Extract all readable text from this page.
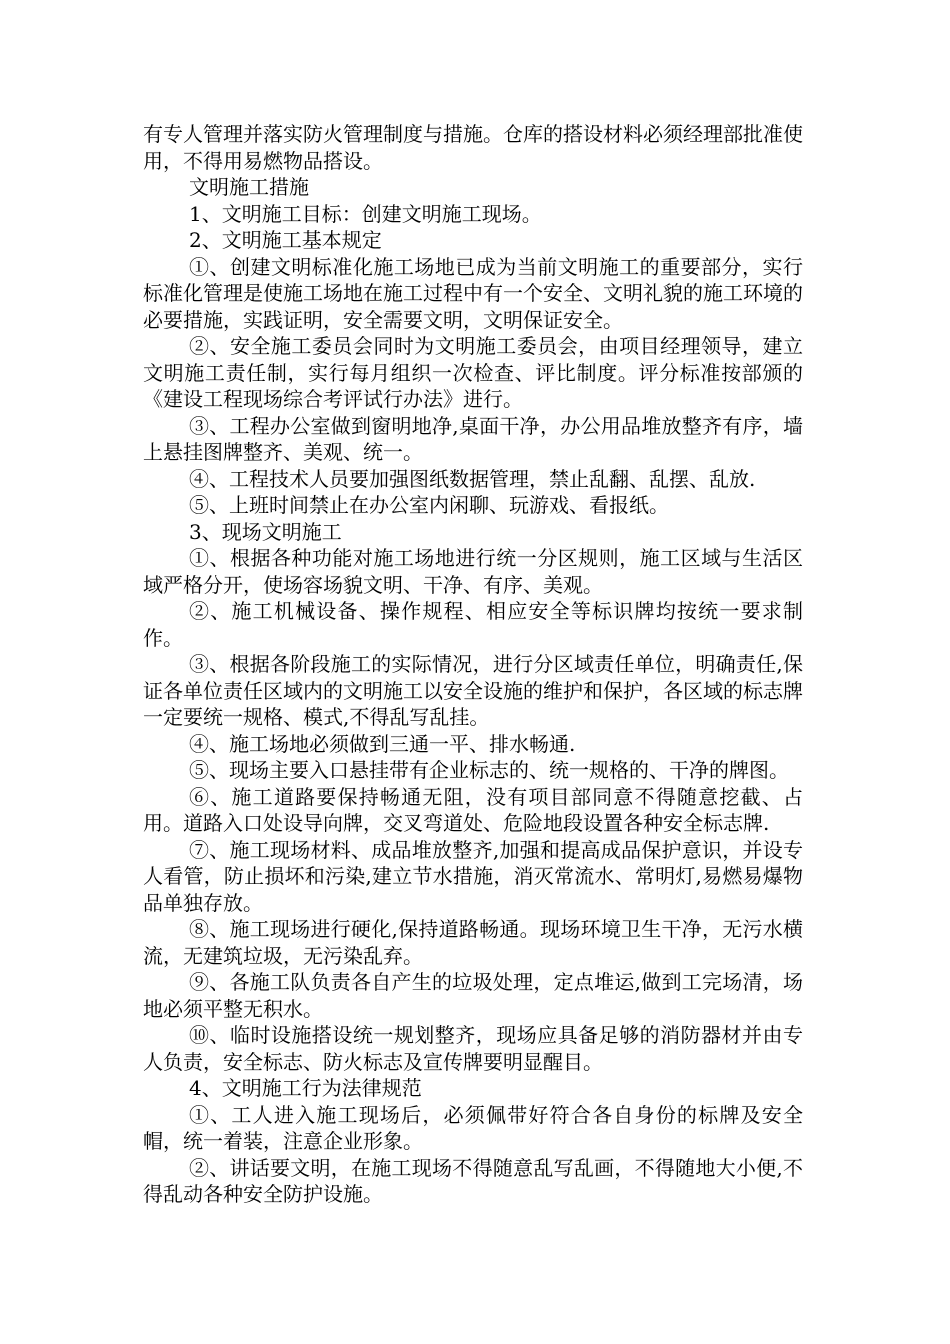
有专人管理并落实防火管理制度与措施。仓库的搭设材料必须经理部批准使用，不得用易燃物品搭设。

文明施工措施

1、文明施工目标：创建文明施工现场。

2、文明施工基本规定

①、创建文明标准化施工场地已成为当前文明施工的重要部分，实行标准化管理是使施工场地在施工过程中有一个安全、文明礼貌的施工环境的必要措施，实践证明，安全需要文明，文明保证安全。

②、安全施工委员会同时为文明施工委员会，由项目经理领导，建立文明施工责任制，实行每月组织一次检查、评比制度。评分标准按部颁的《建设工程现场综合考评试行办法》进行。

③、工程办公室做到窗明地净,桌面干净，办公用品堆放整齐有序，墙上悬挂图牌整齐、美观、统一。

④、工程技术人员要加强图纸数据管理，禁止乱翻、乱摆、乱放.

⑤、上班时间禁止在办公室内闲聊、玩游戏、看报纸。

3、现场文明施工

①、根据各种功能对施工场地进行统一分区规则，施工区域与生活区域严格分开，使场容场貌文明、干净、有序、美观。

②、施工机械设备、操作规程、相应安全等标识牌均按统一要求制作。

③、根据各阶段施工的实际情况，进行分区域责任单位，明确责任,保证各单位责任区域内的文明施工以安全设施的维护和保护，各区域的标志牌一定要统一规格、模式,不得乱写乱挂。

④、施工场地必须做到三通一平、排水畅通.

⑤、现场主要入口悬挂带有企业标志的、统一规格的、干净的牌图。

⑥、施工道路要保持畅通无阻，没有项目部同意不得随意挖截、占用。道路入口处设导向牌，交叉弯道处、危险地段设置各种安全标志牌.

⑦、施工现场材料、成品堆放整齐,加强和提高成品保护意识，并设专人看管，防止损坏和污染,建立节水措施，消灭常流水、常明灯,易燃易爆物品单独存放。

⑧、施工现场进行硬化,保持道路畅通。现场环境卫生干净，无污水横流，无建筑垃圾，无污染乱弃。

⑨、各施工队负责各自产生的垃圾处理，定点堆运,做到工完场清，场地必须平整无积水。

⑩、临时设施搭设统一规划整齐，现场应具备足够的消防器材并由专人负责，安全标志、防火标志及宣传牌要明显醒目。

4、文明施工行为法律规范

①、工人进入施工现场后，必须佩带好符合各自身份的标牌及安全帽，统一着装，注意企业形象。

②、讲话要文明，在施工现场不得随意乱写乱画，不得随地大小便,不得乱动各种安全防护设施。
